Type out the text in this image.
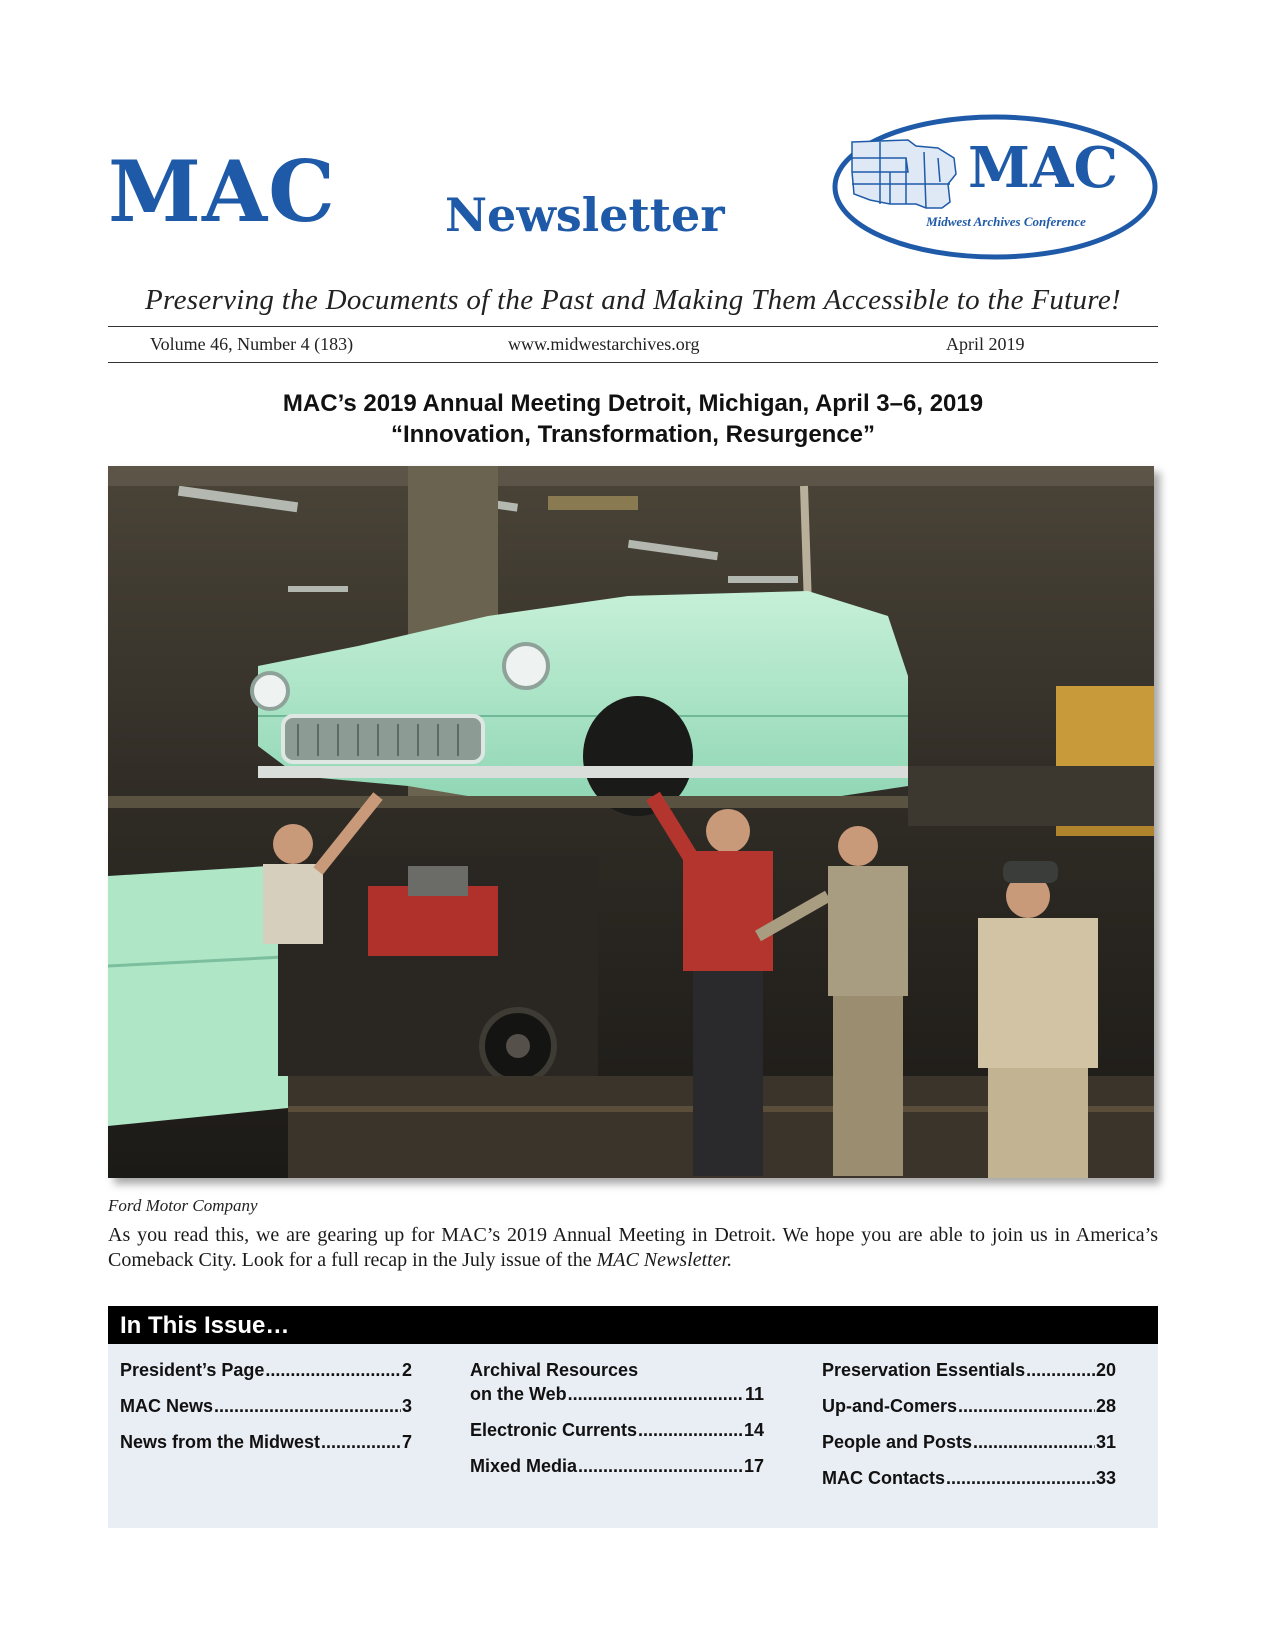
MAC Newsletter
MAC
Midwest Archives Conference
Preserving the Documents of the Past and Making Them Accessible to the Future!
Volume 46, Number 4 (183)	www.midwestarchives.org	April 2019
MAC’s 2019 Annual Meeting Detroit, Michigan, April 3–6, 2019
“Innovation, Transformation, Resurgence”
Ford Motor Company
As you read this, we are gearing up for MAC’s 2019 Annual Meeting in Detroit. We hope you are able to join us in America’s Comeback City. Look for a full recap in the July issue of the MAC Newsletter.
In This Issue…
President’s Page .....	2
MAC News .....	3
News from the Midwest .....	7
Archival Resources
on the Web .....	11
Electronic Currents .....	14
Mixed Media .....	17
Preservation Essentials .....	20
Up-and-Comers .....	28
People and Posts .....	31
MAC Contacts .....	33
